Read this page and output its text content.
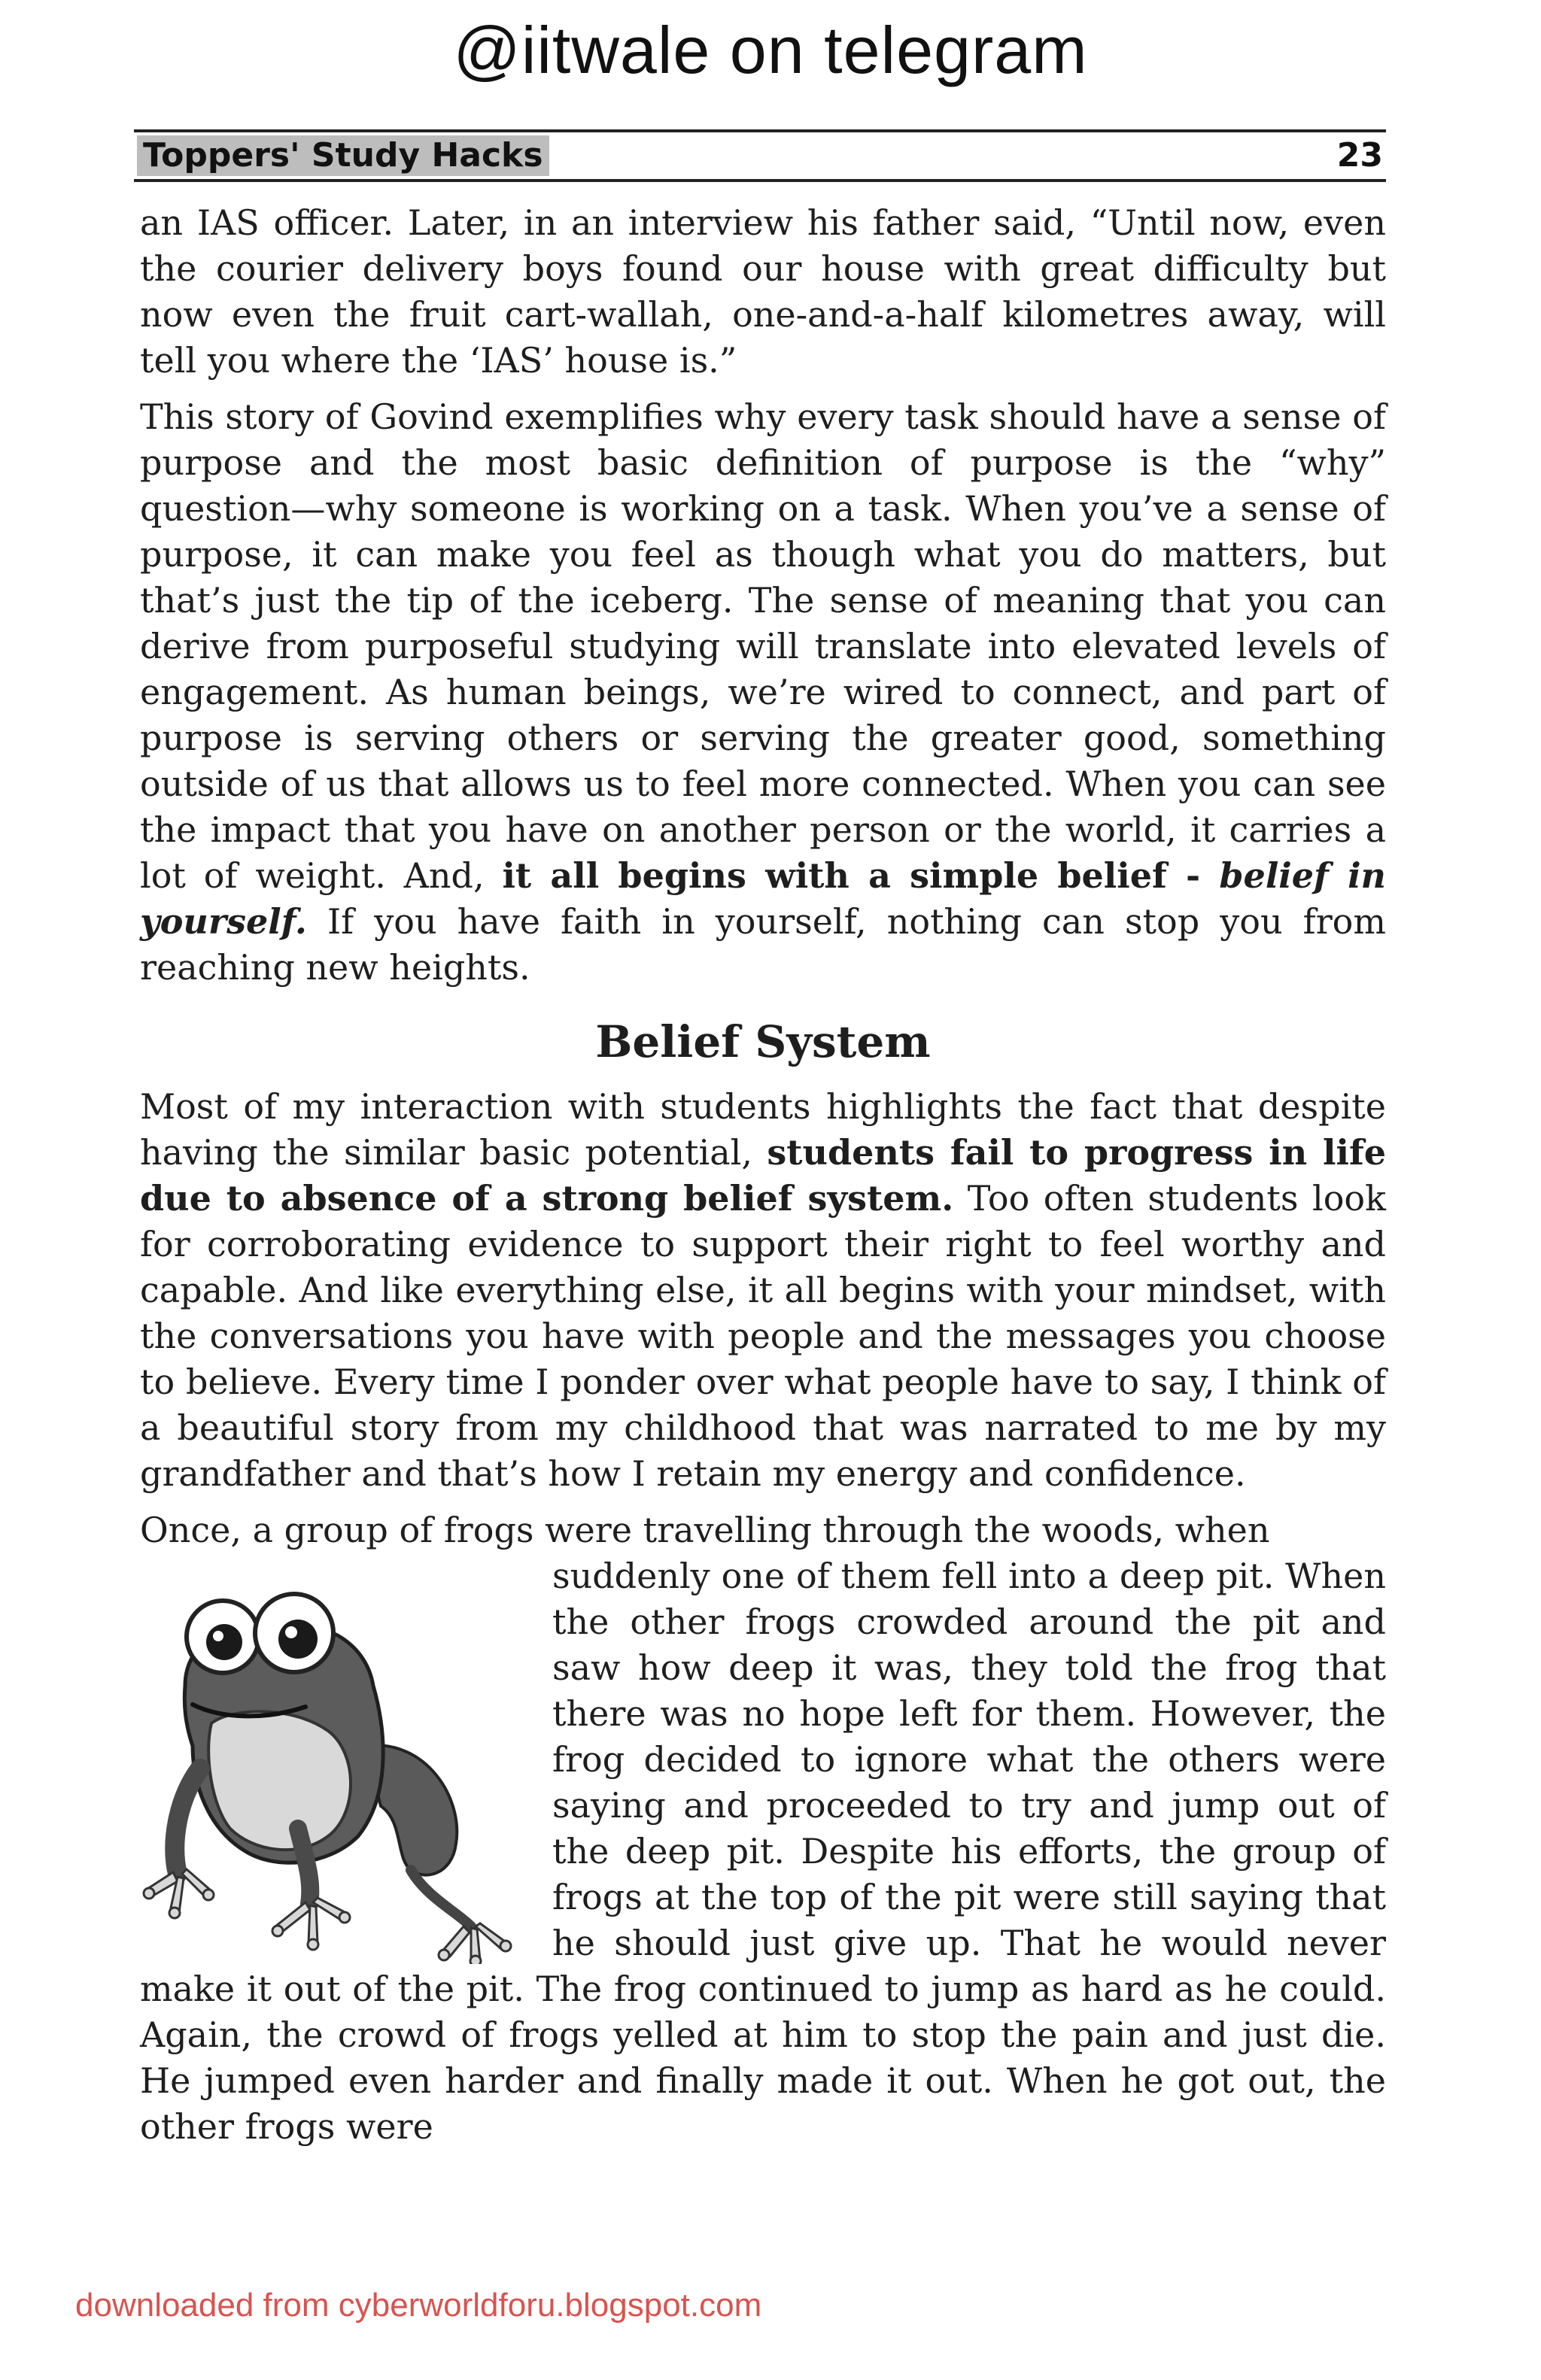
@iitwale on telegram
Toppers' Study Hacks	23

an IAS officer. Later, in an interview his father said, “Until now, even the courier delivery boys found our house with great difficulty but now even the fruit cart-wallah, one-and-a-half kilometres away, will tell you where the ‘IAS’ house is.”

This story of Govind exemplifies why every task should have a sense of purpose and the most basic definition of purpose is the “why” question—why someone is working on a task. When you’ve a sense of purpose, it can make you feel as though what you do matters, but that’s just the tip of the iceberg. The sense of meaning that you can derive from purposeful studying will translate into elevated levels of engagement. As human beings, we’re wired to connect, and part of purpose is serving others or serving the greater good, something outside of us that allows us to feel more connected. When you can see the impact that you have on another person or the world, it carries a lot of weight. And, it all begins with a simple belief - belief in yourself. If you have faith in yourself, nothing can stop you from reaching new heights.

Belief System

Most of my interaction with students highlights the fact that despite having the similar basic potential, students fail to progress in life due to absence of a strong belief system. Too often students look for corroborating evidence to support their right to feel worthy and capable. And like everything else, it all begins with your mindset, with the conversations you have with people and the messages you choose to believe. Every time I ponder over what people have to say, I think of a beautiful story from my childhood that was narrated to me by my grandfather and that’s how I retain my energy and confidence.

Once, a group of frogs were travelling through the woods, when

suddenly one of them fell into a deep pit. When the other frogs crowded around the pit and saw how deep it was, they told the frog that there was no hope left for them. However, the frog decided to ignore what the others were saying and proceeded to try and jump out of the deep pit. Despite his efforts, the group of frogs at the top of the pit were still saying that he should just give up. That he would never make it out of the pit. The frog continued to jump as hard as he could. Again, the crowd of frogs yelled at him to stop the pain and just die. He jumped even harder and finally made it out. When he got out, the other frogs were

downloaded from cyberworldforu.blogspot.com
